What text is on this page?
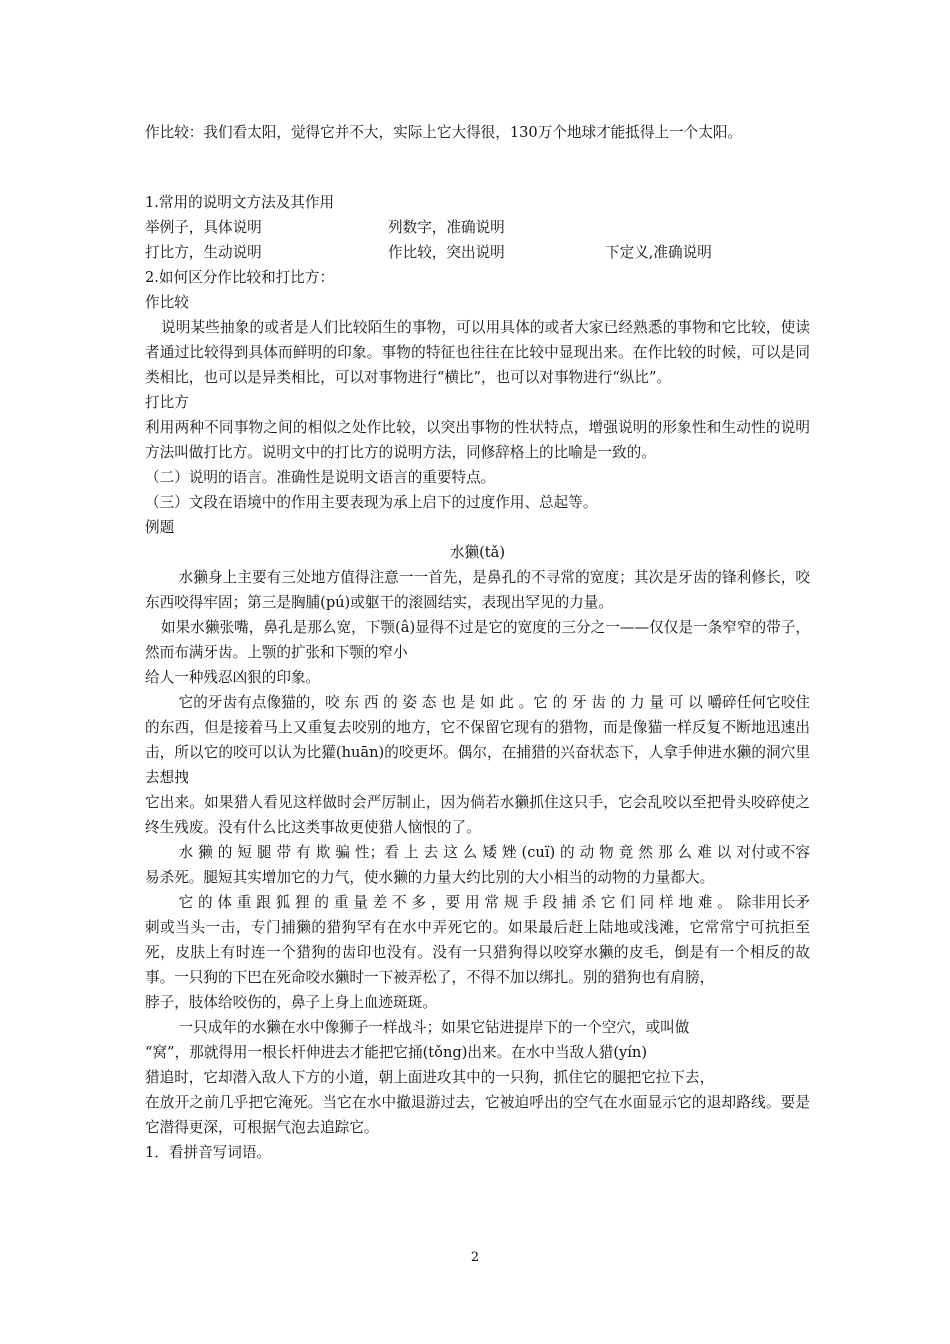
作比较：我们看太阳，觉得它并不大，实际上它大得很，130万个地球才能抵得上一个太阳。

1.常用的说明文方法及其作用

举例子，具体说明	列数字，准确说明
打比方，生动说明	作比较，突出说明	下定义,准确说明

2.如何区分作比较和打比方：

作比较

说明某些抽象的或者是人们比较陌生的事物，可以用具体的或者大家已经熟悉的事物和它比较，使读者通过比较得到具体而鲜明的印象。事物的特征也往往在比较中显现出来。在作比较的时候，可以是同类相比，也可以是异类相比，可以对事物进行“横比”，也可以对事物进行“纵比”。

打比方

利用两种不同事物之间的相似之处作比较，以突出事物的性状特点，增强说明的形象性和生动性的说明方法叫做打比方。说明文中的打比方的说明方法，同修辞格上的比喻是一致的。

（二）说明的语言。准确性是说明文语言的重要特点。

（三）文段在语境中的作用主要表现为承上启下的过度作用、总起等。

例题

水獭(tǎ)

水獭身上主要有三处地方值得注意一一首先，是鼻孔的不寻常的宽度；其次是牙齿的锋利修长，咬东西咬得牢固；第三是胸脯(pú)或躯干的滚圆结实，表现出罕见的力量。

如果水獭张嘴，鼻孔是那么宽，下颚(â)显得不过是它的宽度的三分之一——仅仅是一条窄窄的带子，然而布满牙齿。上颚的扩张和下颚的窄小

给人一种残忍凶狠的印象。

它的牙齿有点像猫的，咬 东 西 的 姿 态 也 是 如 此 。它 的 牙 齿 的 力 量 可 以 嚼碎任何它咬住的东西，但是接着马上又重复去咬别的地方，它不保留它现有的猎物，而是像猫一样反复不断地迅速出击，所以它的咬可以认为比獾(huān)的咬更坏。偶尔，在捕猎的兴奋状态下，人拿手伸进水獭的洞穴里去想拽

它出来。如果猎人看见这样做时会严厉制止，因为倘若水獭抓住这只手，它会乱咬以至把骨头咬碎使之终生残废。没有什么比这类事故更使猎人恼恨的了。

水 獭 的 短 腿 带 有 欺 骗 性；看 上 去 这 么 矮 矬 (cuï) 的 动 物 竟 然 那 么 难 以 对付或不容易杀死。腿短其实增加它的力气，使水獭的力量大约比别的大小相当的动物的力量都大。

它 的 体 重 跟 狐 狸 的 重 量 差 不 多 ，要 用 常 规 手 段 捕 杀 它 们 同 样 地 难 。 除非用长矛刺或当头一击，专门捕獭的猎狗罕有在水中弄死它的。如果最后赶上陆地或浅滩，它常常宁可抗拒至死，皮肤上有时连一个猎狗的齿印也没有。没有一只猎狗得以咬穿水獭的皮毛，倒是有一个相反的故事。一只狗的下巴在死命咬水獭时一下被弄松了，不得不加以绑扎。别的猎狗也有肩膀，

脖子，肢体给咬伤的，鼻子上身上血迹斑斑。

一只成年的水獭在水中像狮子一样战斗；如果它钻进提岸下的一个空穴，或叫做

“窝”，那就得用一根长杆伸进去才能把它捅(tǒng)出来。在水中当敌人猎(yín)

猎追时，它却潜入敌人下方的小道，朝上面进攻其中的一只狗，抓住它的腿把它拉下去，

在放开之前几乎把它淹死。当它在水中撤退游过去，它被迫呼出的空气在水面显示它的退却路线。要是它潜得更深，可根据气泡去追踪它。

1．看拼音写词语。

2
